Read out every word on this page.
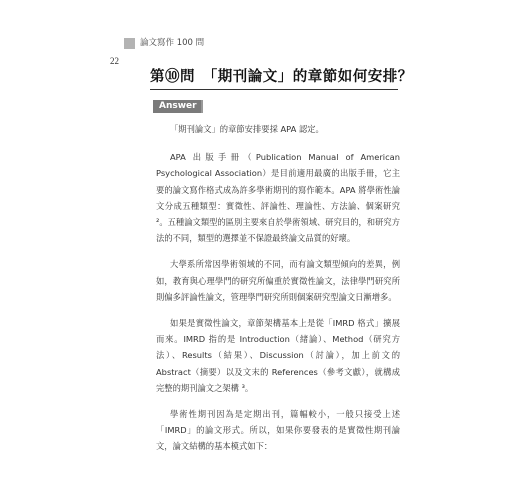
論文寫作 100 問
22
第⑩問　「期刊論文」的章節如何安排？
Answer

「期刊論文」的章節安排要採 APA 認定。

APA 出版手冊（Publication Manual of American Psychological Association）是目前適用最廣的出版手冊，它主要的論文寫作格式成為許多學術期刊的寫作範本。APA 將學術性論文分成五種類型：實徵性、評論性、理論性、方法論、個案研究 ²。五種論文類型的區別主要來自於學術領域、研究目的，和研究方法的不同，類型的選擇並不保證最終論文品質的好壞。

大學系所常因學術領域的不同，而有論文類型傾向的差異，例如，教育與心理學門的研究所偏重於實徵性論文，法律學門研究所則偏多評論性論文，管理學門研究所則個案研究型論文日漸增多。

如果是實徵性論文，章節架構基本上是從「IMRD 格式」擴展而來。IMRD 指的是 Introduction（緒論）、Method（研究方法）、Results（結果）、Discussion（討論），加上前文的 Abstract（摘要）以及文末的 References（參考文獻），就構成完整的期刊論文之架構 ³。

學術性期刊因為是定期出刊，篇幅較小，一般只接受上述「IMRD」的論文形式。所以，如果你要發表的是實徵性期刊論文，論文結構的基本模式如下：
